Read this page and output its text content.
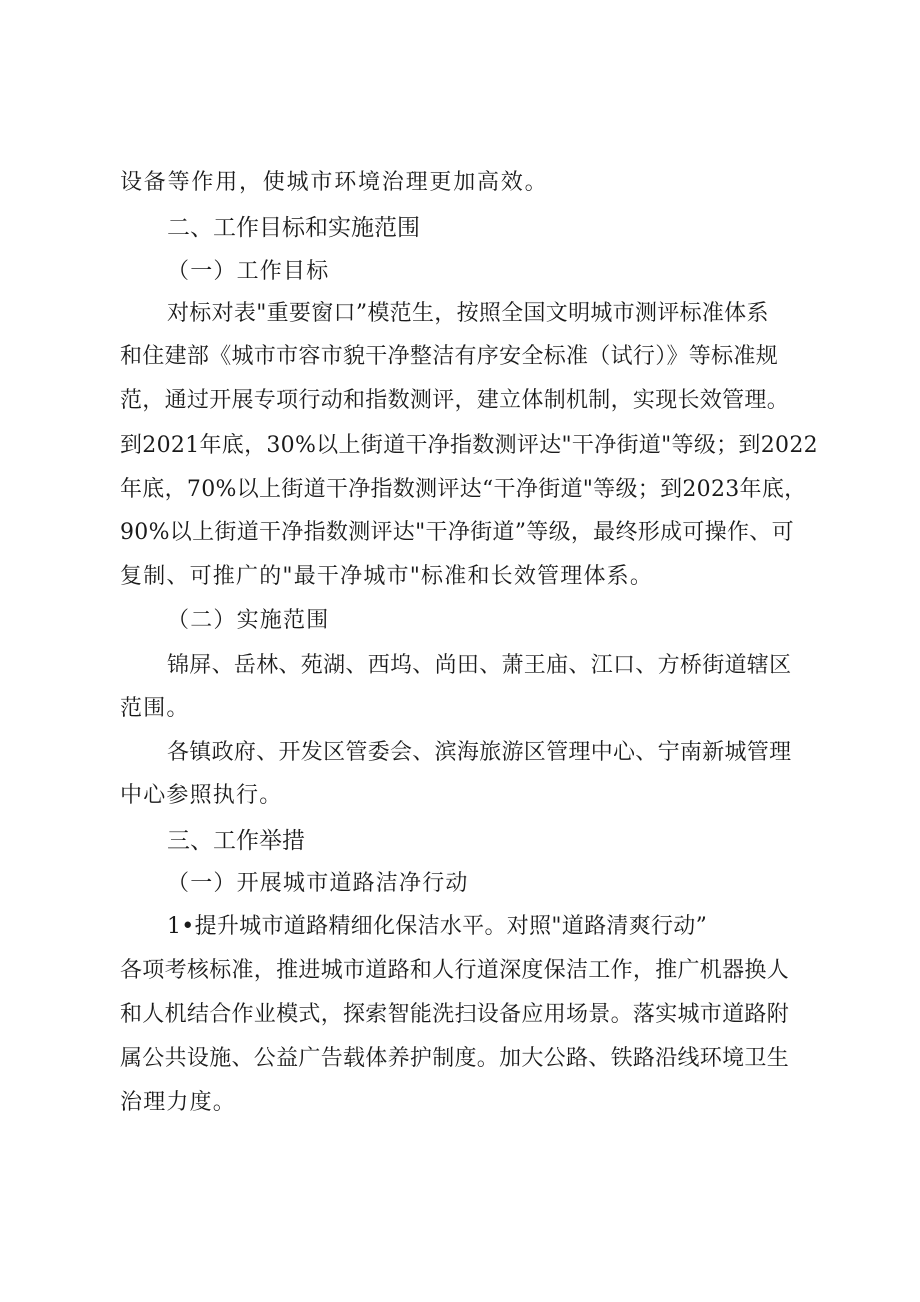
设备等作用，使城市环境治理更加高效。
二、工作目标和实施范围
（一）工作目标
对标对表"重要窗口”模范生，按照全国文明城市测评标准体系
和住建部《城市市容市貌干净整洁有序安全标准（试行）》等标准规
范，通过开展专项行动和指数测评，建立体制机制，实现长效管理。
到2021年底，30%以上街道干净指数测评达"干净街道"等级；到2022
年底，70%以上街道干净指数测评达“干净街道"等级；到2023年底，
90%以上街道干净指数测评达"干净街道”等级，最终形成可操作、可
复制、可推广的"最干净城市"标准和长效管理体系。
（二）实施范围
锦屏、岳林、苑湖、西坞、尚田、萧王庙、江口、方桥街道辖区
范围。
各镇政府、开发区管委会、滨海旅游区管理中心、宁南新城管理
中心参照执行。
三、工作举措
（一）开展城市道路洁净行动
1•提升城市道路精细化保洁水平。对照"道路清爽行动”
各项考核标准，推进城市道路和人行道深度保洁工作，推广机器换人
和人机结合作业模式，探索智能洗扫设备应用场景。落实城市道路附
属公共设施、公益广告载体养护制度。加大公路、铁路沿线环境卫生
治理力度。
